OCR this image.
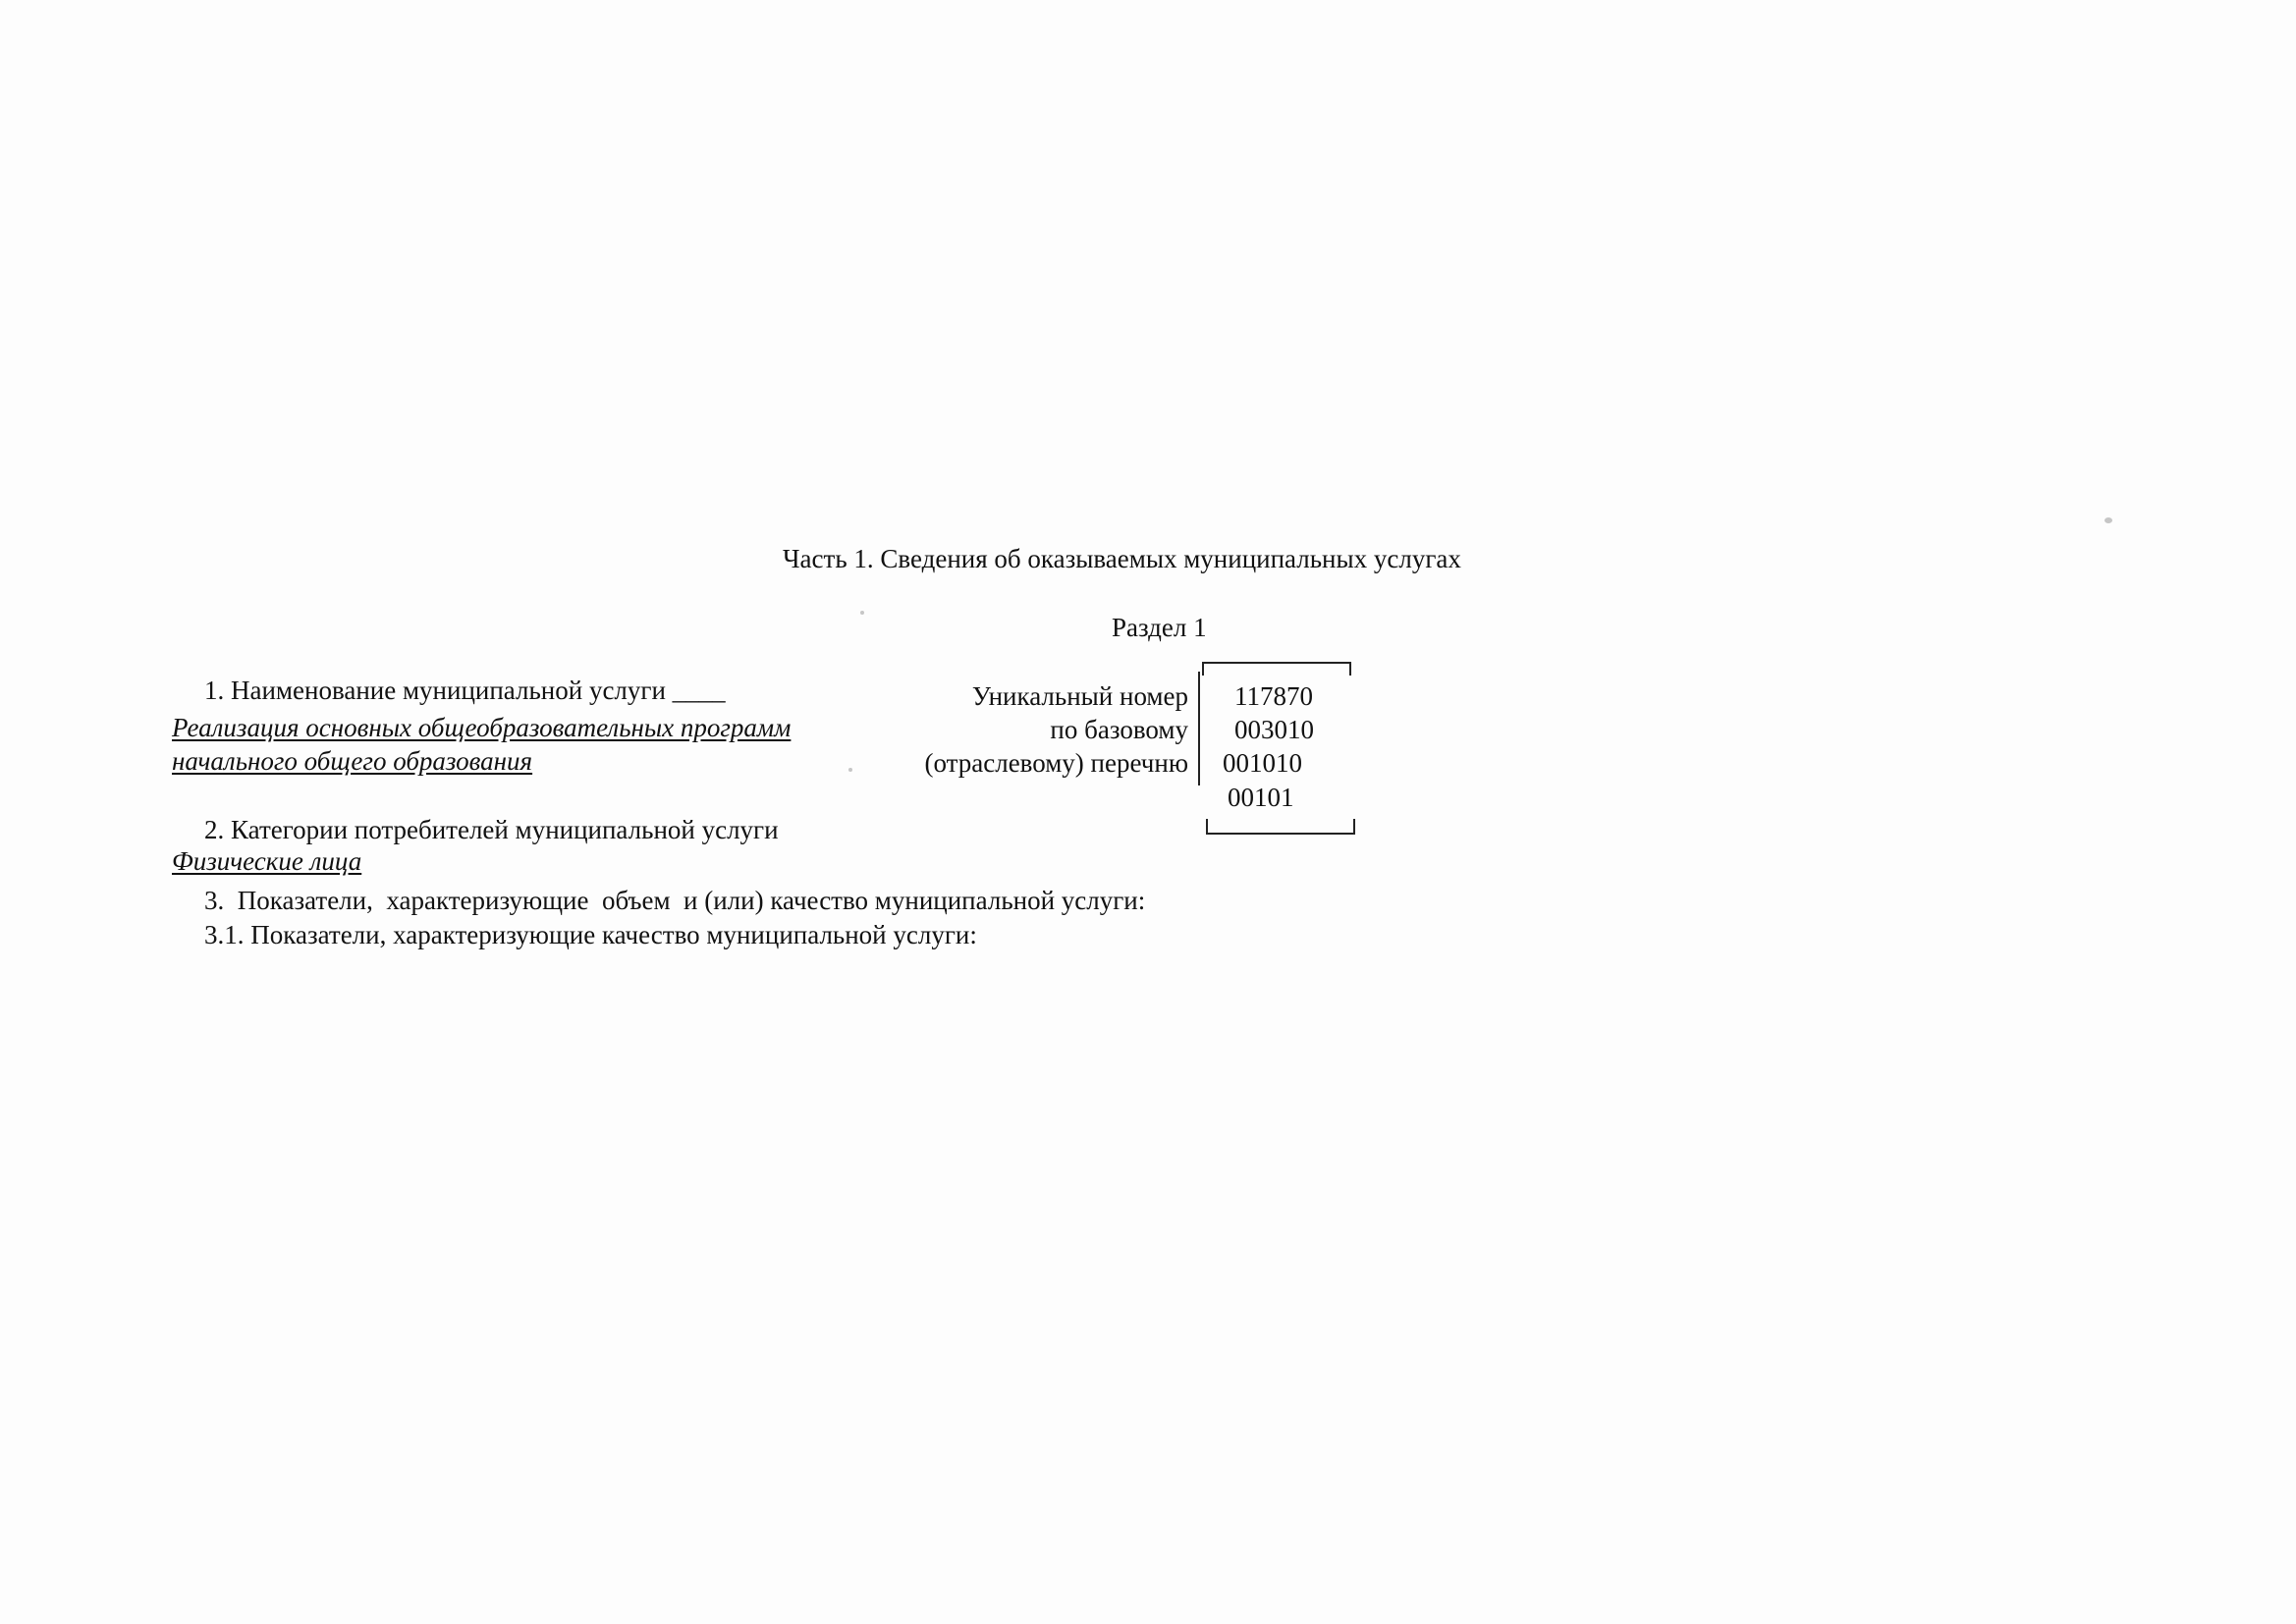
Часть 1. Сведения об оказываемых муниципальных услугах
Раздел 1
1. Наименование муниципальной услуги ____
Реализация основных общеобразовательных программ
начального общего образования
Уникальный номер
по базовому
(отраслевому) перечню
117870
003010
001010
00101
2. Категории потребителей муниципальной услуги
Физические лица
3.  Показатели,  характеризующие  объем  и (или) качество муниципальной услуги:
3.1. Показатели, характеризующие качество муниципальной услуги:
